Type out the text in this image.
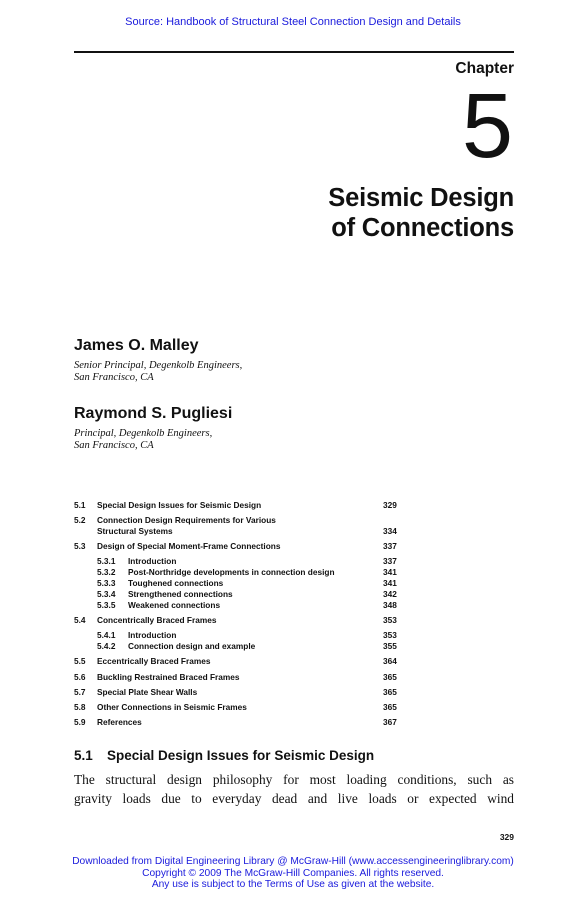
Source: Handbook of Structural Steel Connection Design and Details
Chapter
5
Seismic Design
of Connections
James O. Malley
Senior Principal, Degenkolb Engineers,
San Francisco, CA
Raymond S. Pugliesi
Principal, Degenkolb Engineers,
San Francisco, CA
5.1 Special Design Issues for Seismic Design	329
5.2 Connection Design Requirements for Various
Structural Systems	334
5.3 Design of Special Moment-Frame Connections	337
5.3.1 Introduction	337
5.3.2 Post-Northridge developments in connection design	341
5.3.3 Toughened connections	341
5.3.4 Strengthened connections	342
5.3.5 Weakened connections	348
5.4 Concentrically Braced Frames	353
5.4.1 Introduction	353
5.4.2 Connection design and example	355
5.5 Eccentrically Braced Frames	364
5.6 Buckling Restrained Braced Frames	365
5.7 Special Plate Shear Walls	365
5.8 Other Connections in Seismic Frames	365
5.9 References	367
5.1 Special Design Issues for Seismic Design
The structural design philosophy for most loading conditions, such as
gravity loads due to everyday dead and live loads or expected wind
329
Downloaded from Digital Engineering Library @ McGraw-Hill (www.accessengineeringlibrary.com)
Copyright © 2009 The McGraw-Hill Companies. All rights reserved.
Any use is subject to the Terms of Use as given at the website.
